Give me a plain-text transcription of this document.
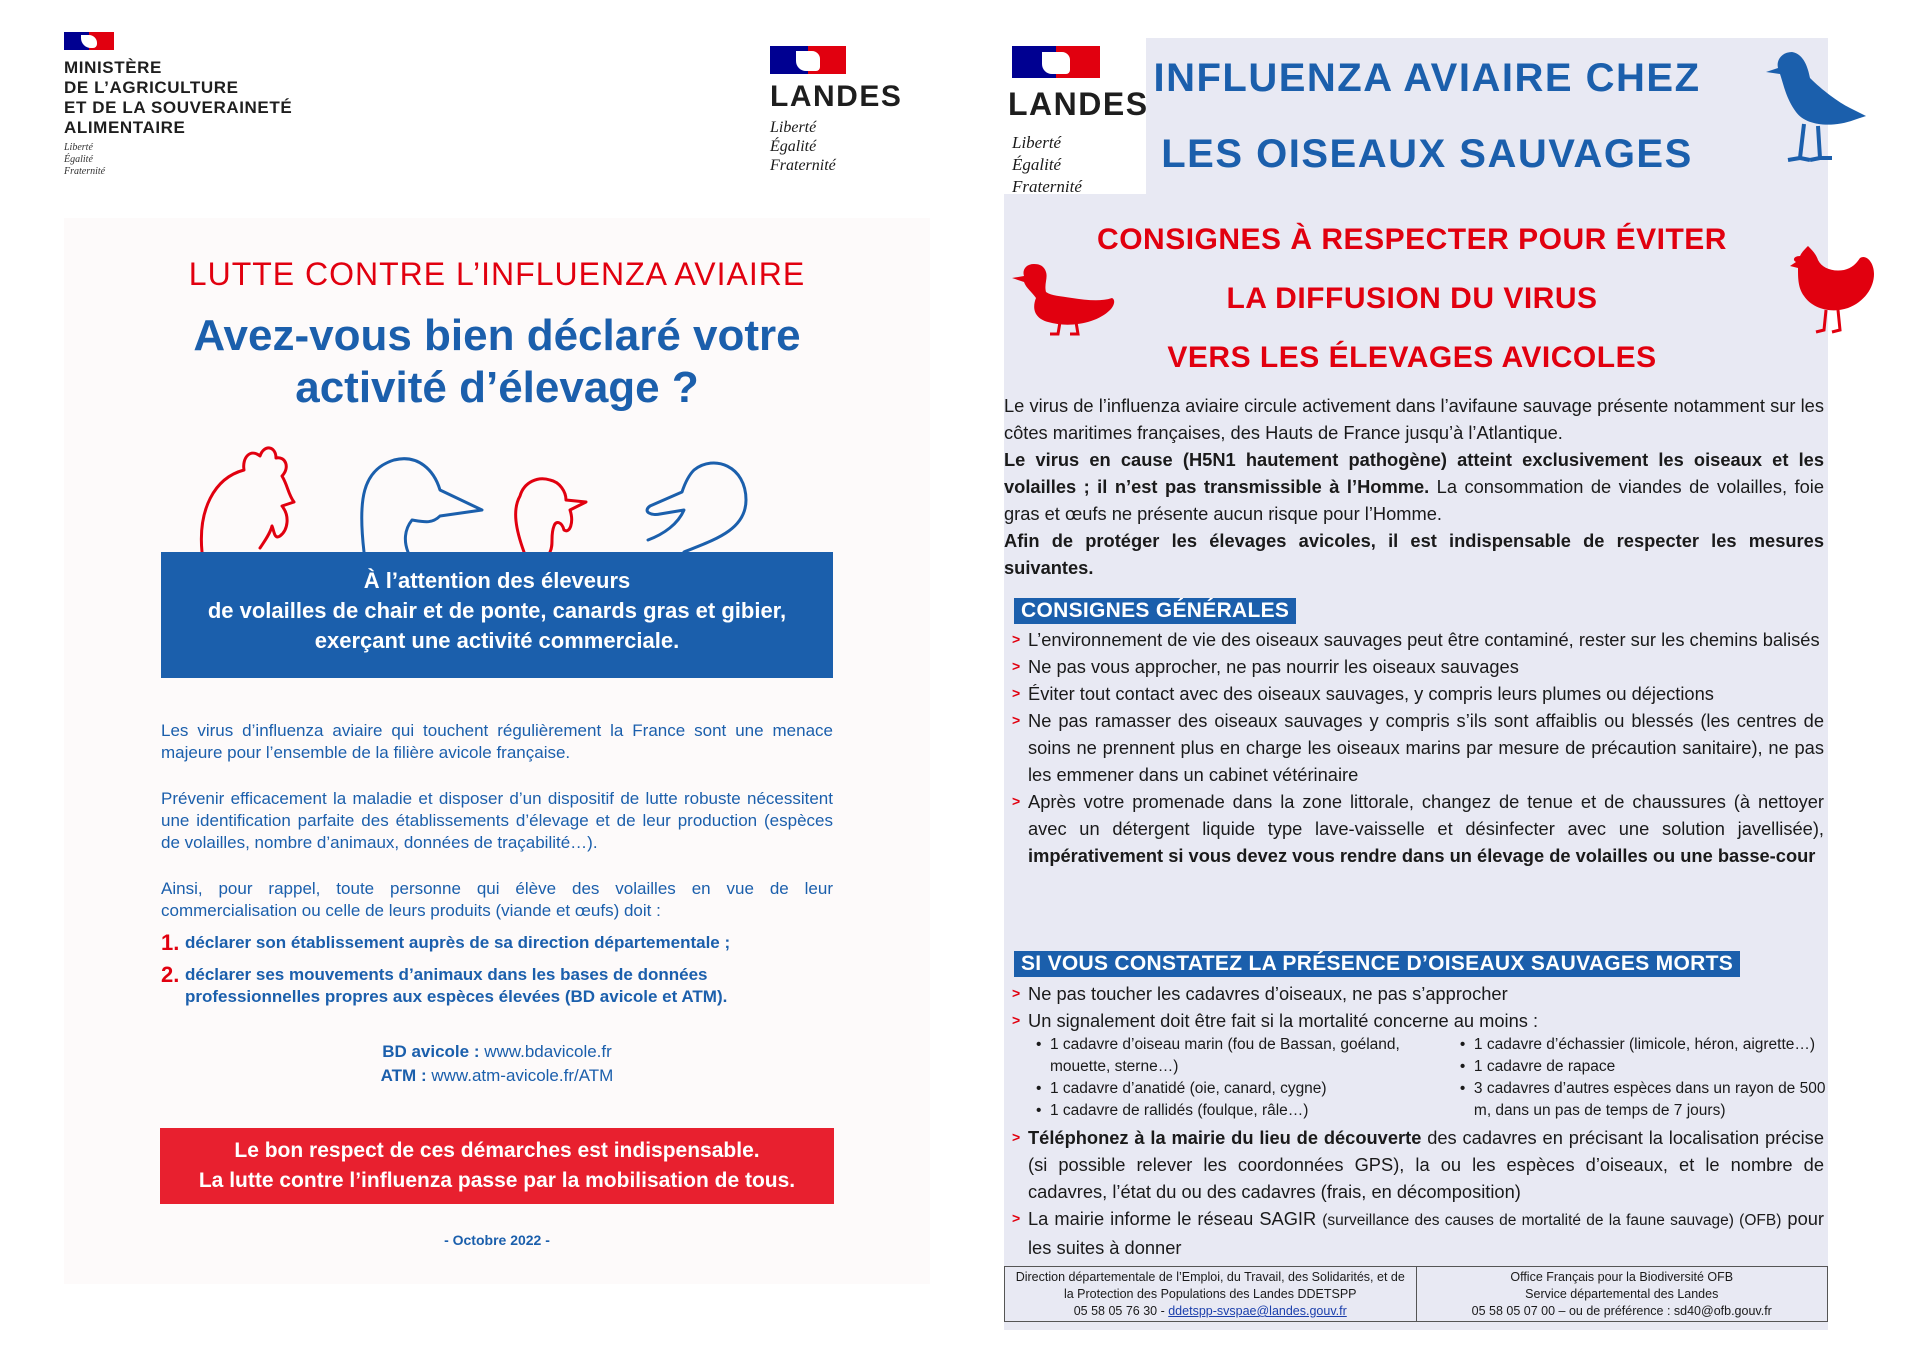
MINISTÈRE
DE L’AGRICULTURE
ET DE LA SOUVERAINETÉ
ALIMENTAIRE
Liberté
Égalité
Fraternité
LANDES
Liberté
Égalité
Fraternité
LUTTE CONTRE L’INFLUENZA AVIAIRE
Avez-vous bien déclaré votre
activité d’élevage ?
À l’attention des éleveurs
de volailles de chair et de ponte, canards gras et gibier,
exerçant une activité commerciale.
Les virus d’influenza aviaire qui touchent régulièrement la France sont une menace majeure pour l’ensemble de la filière avicole française.
Prévenir efficacement la maladie et disposer d’un dispositif de lutte robuste nécessitent une identification parfaite des établissements d’élevage et de leur production (espèces de volailles, nombre d’animaux, données de traçabilité…).
Ainsi, pour rappel, toute personne qui élève des volailles en vue de leur commercialisation ou celle de leurs produits (viande et œufs) doit :
1. déclarer son établissement auprès de sa direction départementale ;
2. déclarer ses mouvements d’animaux dans les bases de données professionnelles propres aux espèces élevées (BD avicole et ATM).
BD avicole : www.bdavicole.fr
ATM : www.atm-avicole.fr/ATM
Le bon respect de ces démarches est indispensable.
La lutte contre l’influenza passe par la mobilisation de tous.
- Octobre 2022 -
LANDES
Liberté
Égalité
Fraternité
INFLUENZA AVIAIRE CHEZ
LES OISEAUX SAUVAGES
CONSIGNES À RESPECTER POUR ÉVITER
LA DIFFUSION DU VIRUS
VERS LES ÉLEVAGES AVICOLES

Le virus de l’influenza aviaire circule activement dans l’avifaune sauvage présente notamment sur les côtes maritimes françaises, des Hauts de France jusqu’à l’Atlantique.

Le virus en cause (H5N1 hautement pathogène) atteint exclusivement les oiseaux et les volailles ; il n’est pas transmissible à l’Homme. La consommation de viandes de volailles, foie gras et œufs ne présente aucun risque pour l’Homme.

Afin de protéger les élevages avicoles, il est indispensable de respecter les mesures suivantes.

CONSIGNES GÉNÉRALES
> L’environnement de vie des oiseaux sauvages peut être contaminé, rester sur les chemins balisés
> Ne pas vous approcher, ne pas nourrir les oiseaux sauvages
> Éviter tout contact avec des oiseaux sauvages, y compris leurs plumes ou déjections
> Ne pas ramasser des oiseaux sauvages y compris s’ils sont affaiblis ou blessés (les centres de soins ne prennent plus en charge les oiseaux marins par mesure de précaution sanitaire), ne pas les emmener dans un cabinet vétérinaire
> Après votre promenade dans la zone littorale, changez de tenue et de chaussures (à nettoyer avec un détergent liquide type lave-vaisselle et désinfecter avec une solution javellisée), impérativement si vous devez vous rendre dans un élevage de volailles ou une basse-cour
SI VOUS CONSTATEZ LA PRÉSENCE D’OISEAUX SAUVAGES MORTS
> Ne pas toucher les cadavres d’oiseaux, ne pas s’approcher
> Un signalement doit être fait si la mortalité concerne au moins :
• 1 cadavre d’oiseau marin (fou de Bassan, goéland, mouette, sterne…)
• 1 cadavre d’anatidé (oie, canard, cygne)
• 1 cadavre de rallidés (foulque, râle…)
• 1 cadavre d’échassier (limicole, héron, aigrette…)
• 1 cadavre de rapace
• 3 cadavres d’autres espèces dans un rayon de 500 m, dans un pas de temps de 7 jours)
> Téléphonez à la mairie du lieu de découverte des cadavres en précisant la localisation précise (si possible relever les coordonnées GPS), la ou les espèces d’oiseaux, et le nombre de cadavres, l’état du ou des cadavres (frais, en décomposition)
> La mairie informe le réseau SAGIR (surveillance des causes de mortalité de la faune sauvage) (OFB) pour les suites à donner
Direction départementale de l’Emploi, du Travail, des Solidarités, et de
la Protection des Populations des Landes DDETSPP
05 58 05 76 30 - ddetspp-svspae@landes.gouv.fr
Office Français pour la Biodiversité OFB
Service départemental des Landes
05 58 05 07 00 – ou de préférence : sd40@ofb.gouv.fr
